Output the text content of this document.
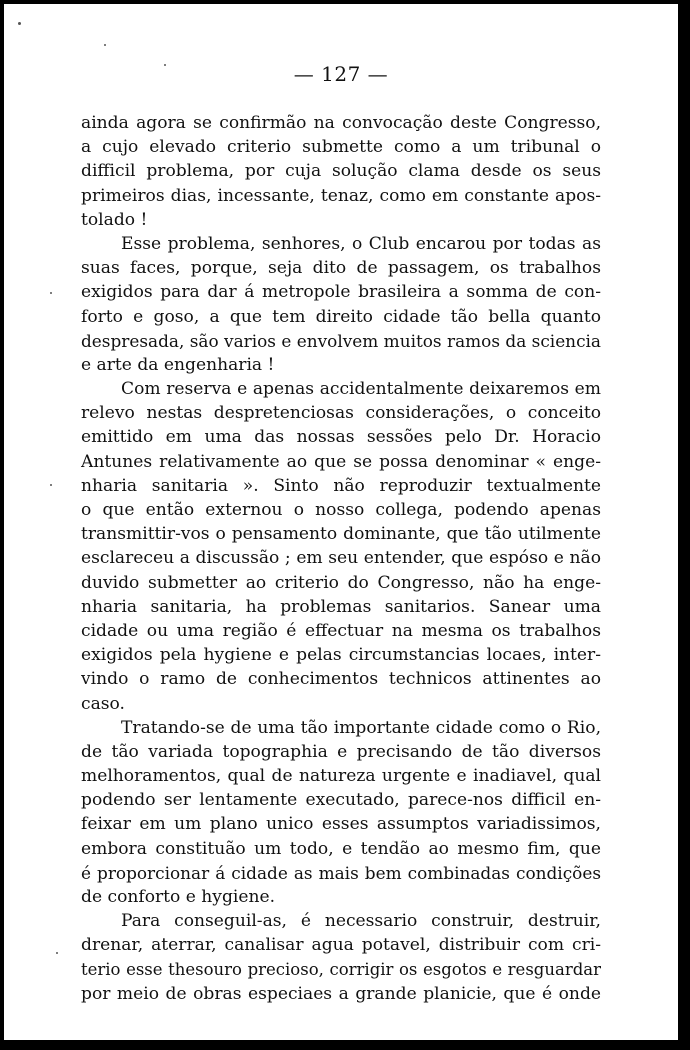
— 127 —
ainda agora se confirmão na convocação deste Congresso,
a cujo elevado criterio submette como a um tribunal o
difficil problema, por cuja solução clama desde os seus
primeiros dias, incessante, tenaz, como em constante apos-
tolado !
Esse problema, senhores, o Club encarou por todas as
suas faces, porque, seja dito de passagem, os trabalhos
exigidos para dar á metropole brasileira a somma de con-
forto e goso, a que tem direito cidade tão bella quanto
despresada, são varios e envolvem muitos ramos da sciencia
e arte da engenharia !
Com reserva e apenas accidentalmente deixaremos em
relevo nestas despretenciosas considerações, o conceito
emittido em uma das nossas sessões pelo Dr. Horacio
Antunes relativamente ao que se possa denominar « enge-
nharia sanitaria ». Sinto não reproduzir textualmente
o que então externou o nosso collega, podendo apenas
transmittir-vos o pensamento dominante, que tão utilmente
esclareceu a discussão ; em seu entender, que espóso e não
duvido submetter ao criterio do Congresso, não ha enge-
nharia sanitaria, ha problemas sanitarios. Sanear uma
cidade ou uma região é effectuar na mesma os trabalhos
exigidos pela hygiene e pelas circumstancias locaes, inter-
vindo o ramo de conhecimentos technicos attinentes ao
caso.
Tratando-se de uma tão importante cidade como o Rio,
de tão variada topographia e precisando de tão diversos
melhoramentos, qual de natureza urgente e inadiavel, qual
podendo ser lentamente executado, parece-nos difficil en-
feixar em um plano unico esses assumptos variadissimos,
embora constituão um todo, e tendão ao mesmo fim, que
é proporcionar á cidade as mais bem combinadas condições
de conforto e hygiene.
Para conseguil-as, é necessario construir, destruir,
drenar, aterrar, canalisar agua potavel, distribuir com cri-
terio esse thesouro precioso, corrigir os esgotos e resguardar
por meio de obras especiaes a grande planicie, que é onde
